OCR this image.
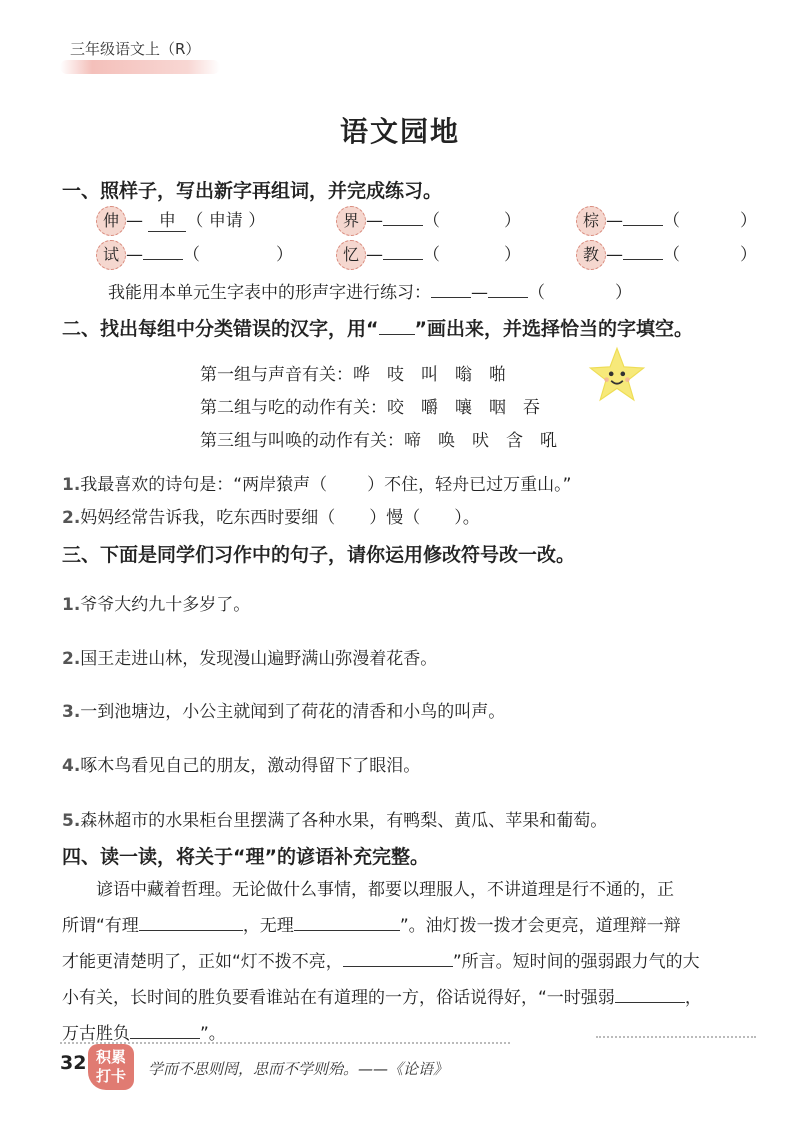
三年级语文上（R）
语文园地
一、照样子，写出新字再组词，并完成练习。
伸 — 申 （ 申请 ）	界 — （	）	棕 — （	）
试 — （	）	忆 — （	）	教 — （	）
我能用本单元生字表中的形声字进行练习： — （	）
二、找出每组中分类错误的汉字，用“ ”画出来，并选择恰当的字填空。
第一组与声音有关：哗　吱　叫　嗡　啪
第二组与吃的动作有关：咬　嚼　嚷　咽　吞
第三组与叫唤的动作有关：啼　唤　吠　含　吼
1.我最喜欢的诗句是：“两岸猿声（ ）不住，轻舟已过万重山。”
2.妈妈经常告诉我，吃东西时要细（ ）慢（ ）。
三、下面是同学们习作中的句子，请你运用修改符号改一改。
1.爷爷大约九十多岁了。
2.国王走进山林，发现漫山遍野满山弥漫着花香。
3.一到池塘边，小公主就闻到了荷花的清香和小鸟的叫声。
4.啄木鸟看见自己的朋友，激动得留下了眼泪。
5.森林超市的水果柜台里摆满了各种水果，有鸭梨、黄瓜、苹果和葡萄。
四、读一读，将关于“理”的谚语补充完整。
谚语中藏着哲理。无论做什么事情，都要以理服人，不讲道理是行不通的，正
所谓“有理	，无理	”。油灯拨一拨才会更亮，道理辩一辩
才能更清楚明了，正如“灯不拨不亮，	”所言。短时间的强弱跟力气的大
小有关，长时间的胜负要看谁站在有道理的一方，俗话说得好，“一时强弱	，
万古胜负	”。
32 积累
打卡	学而不思则罔，思而不学则殆。——《论语》
